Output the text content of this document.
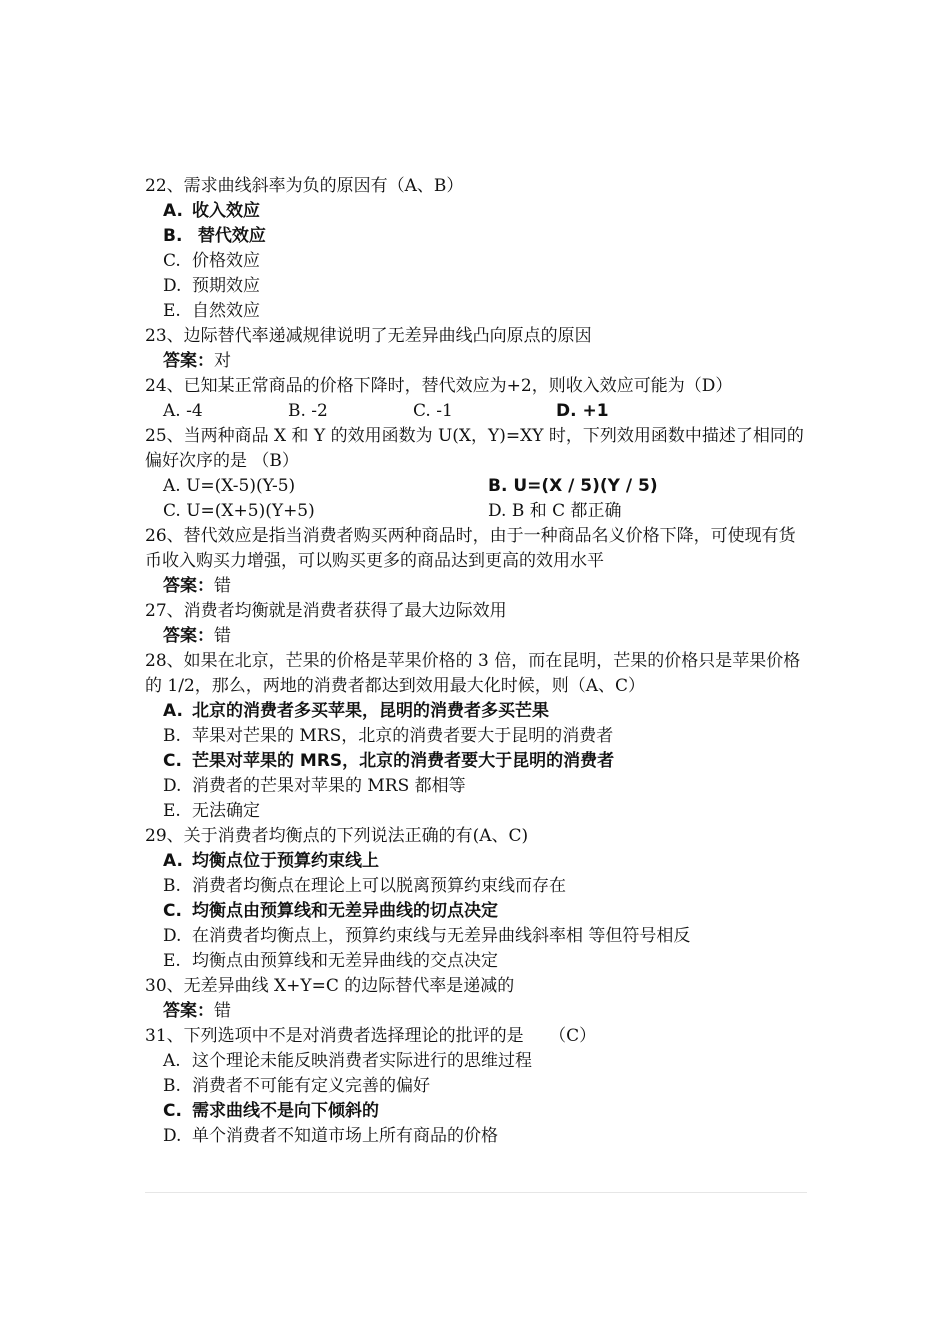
22、需求曲线斜率为负的原因有（A、B）

A. 收入效应
B. 替代效应
C. 价格效应
D. 预期效应
E. 自然效应

23、边际替代率递减规律说明了无差异曲线凸向原点的原因

答案：对

24、已知某正常商品的价格下降时，替代效应为+2，则收入效应可能为（D）

A. -4	B. -2	C. -1	D. +1

25、当两种商品 X 和 Y 的效用函数为 U(X，Y)=XY 时，下列效用函数中描述了相同的偏好次序的是 （B）

A. U=(X-5)(Y-5)	B. U=(X / 5)(Y / 5)
C. U=(X+5)(Y+5)	D. B 和 C 都正确

26、替代效应是指当消费者购买两种商品时，由于一种商品名义价格下降，可使现有货币收入购买力增强，可以购买更多的商品达到更高的效用水平

答案：错

27、消费者均衡就是消费者获得了最大边际效用

答案：错

28、如果在北京，芒果的价格是苹果价格的 3 倍，而在昆明，芒果的价格只是苹果价格的 1/2，那么，两地的消费者都达到效用最大化时候，则（A、C）

A. 北京的消费者多买苹果，昆明的消费者多买芒果
B. 苹果对芒果的 MRS，北京的消费者要大于昆明的消费者
C. 芒果对苹果的 MRS，北京的消费者要大于昆明的消费者
D. 消费者的芒果对苹果的 MRS 都相等
E. 无法确定

29、关于消费者均衡点的下列说法正确的有(A、C)

A. 均衡点位于预算约束线上
B. 消费者均衡点在理论上可以脱离预算约束线而存在
C. 均衡点由预算线和无差异曲线的切点决定
D. 在消费者均衡点上，预算约束线与无差异曲线斜率相 等但符号相反
E. 均衡点由预算线和无差异曲线的交点决定

30、无差异曲线 X+Y=C 的边际替代率是递减的

答案：错

31、下列选项中不是对消费者选择理论的批评的是　　（C）

A. 这个理论未能反映消费者实际进行的思维过程
B. 消费者不可能有定义完善的偏好
C. 需求曲线不是向下倾斜的
D. 单个消费者不知道市场上所有商品的价格
